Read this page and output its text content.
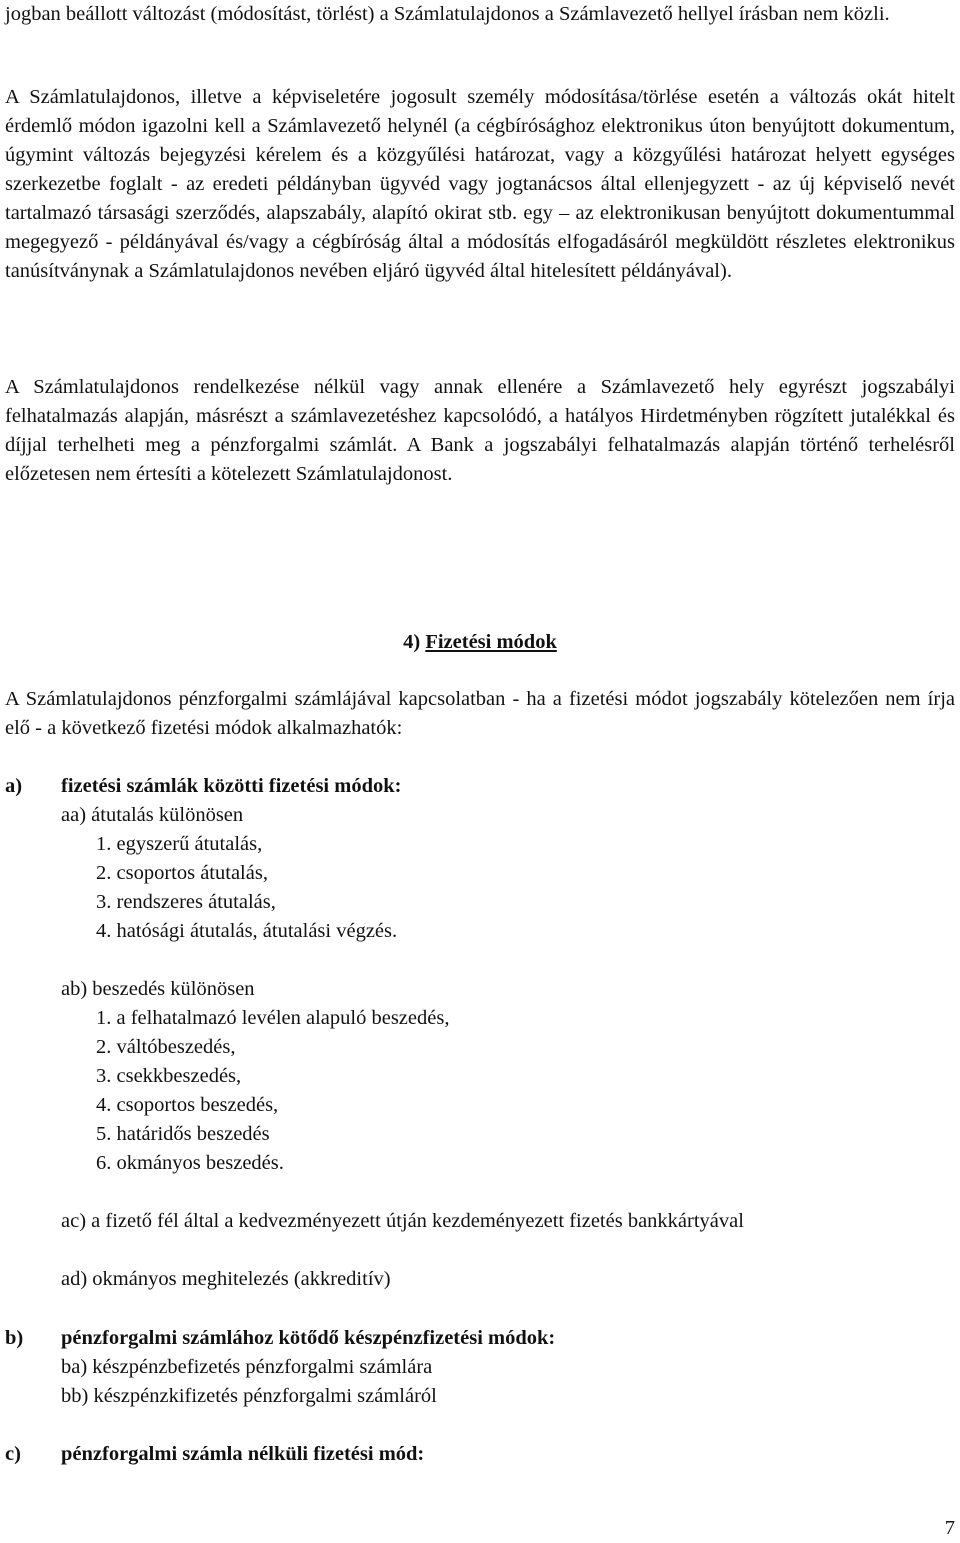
jogban beállott változást (módosítást, törlést) a Számlatulajdonos a Számlavezető hellyel írásban nem közli.

A Számlatulajdonos, illetve a képviseletére jogosult személy módosítása/törlése esetén a változás okát hitelt érdemlő módon igazolni kell a Számlavezető helynél (a cégbírósághoz elektronikus úton benyújtott dokumentum, úgymint változás bejegyzési kérelem és a közgyűlési határozat, vagy a közgyűlési határozat helyett egységes szerkezetbe foglalt - az eredeti példányban ügyvéd vagy jogtanácsos által ellenjegyzett - az új képviselő nevét tartalmazó társasági szerződés, alapszabály, alapító okirat stb. egy – az elektronikusan benyújtott dokumentummal megegyező - példányával és/vagy a cégbíróság által a módosítás elfogadásáról megküldött részletes elektronikus tanúsítványnak a Számlatulajdonos nevében eljáró ügyvéd által hitelesített példányával).

A Számlatulajdonos rendelkezése nélkül vagy annak ellenére a Számlavezető hely egyrészt jogszabályi felhatalmazás alapján, másrészt a számlavezetéshez kapcsolódó, a hatályos Hirdetményben rögzített jutalékkal és díjjal terhelheti meg a pénzforgalmi számlát. A Bank a jogszabályi felhatalmazás alapján történő terhelésről előzetesen nem értesíti a kötelezett Számlatulajdonost.

4) Fizetési módok

A Számlatulajdonos pénzforgalmi számlájával kapcsolatban - ha a fizetési módot jogszabály kötelezően nem írja elő - a következő fizetési módok alkalmazhatók:

a) fizetési számlák közötti fizetési módok:
aa) átutalás különösen
1. egyszerű átutalás,
2. csoportos átutalás,
3. rendszeres átutalás,
4. hatósági átutalás, átutalási végzés.
ab) beszedés különösen
1. a felhatalmazó levélen alapuló beszedés,
2. váltóbeszedés,
3. csekkbeszedés,
4. csoportos beszedés,
5. határidős beszedés
6. okmányos beszedés.
ac) a fizető fél által a kedvezményezett útján kezdeményezett fizetés bankkártyával
ad) okmányos meghitelezés (akkreditív)
b) pénzforgalmi számlához kötődő készpénzfizetési módok:
ba) készpénzbefizetés pénzforgalmi számlára
bb) készpénzkifizetés pénzforgalmi számláról
c) pénzforgalmi számla nélküli fizetési mód:
7
